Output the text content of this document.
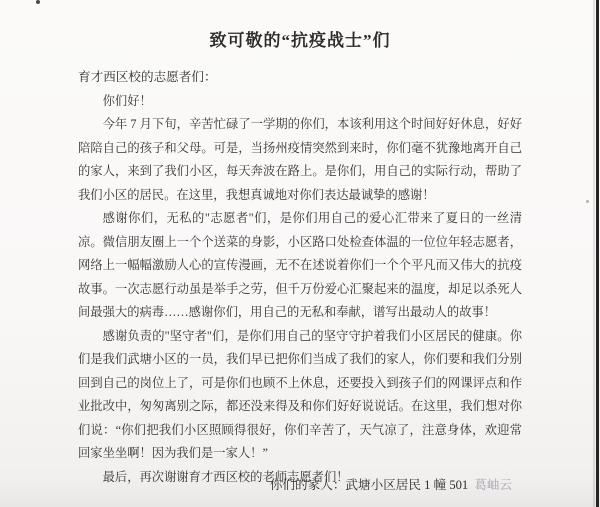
致可敬的“抗疫战士”们
育才西区校的志愿者们：

你们好！

今年 7 月下旬，辛苦忙碌了一学期的你们，本该利用这个时间好好休息，好好陪陪自己的孩子和父母。可是，当扬州疫情突然到来时，你们毫不犹豫地离开自己的家人，来到了我们小区，每天奔波在路上。是你们，用自己的实际行动，帮助了我们小区的居民。在这里，我想真诚地对你们表达最诚挚的感谢！

感谢你们，无私的"志愿者"们，是你们用自己的爱心汇带来了夏日的一丝清凉。微信朋友圈上一个个送菜的身影，小区路口处检查体温的一位位年轻志愿者，网络上一幅幅激励人心的宣传漫画，无不在述说着你们一个个平凡而又伟大的抗疫故事。一次志愿行动虽是举手之劳，但千万份爱心汇聚起来的温度，却足以杀死人间最强大的病毒……感谢你们，用自己的无私和奉献，谱写出最动人的故事！

感谢负责的"坚守者"们，是你们用自己的坚守守护着我们小区居民的健康。你们是我们武塘小区的一员，我们早已把你们当成了我们的家人，你们要和我们分别回到自己的岗位上了，可是你们也顾不上休息，还要投入到孩子们的网课评点和作业批改中，匆匆离别之际，都还没来得及和你们好好说说话。在这里，我们想对你们说：“你们把我们小区照顾得很好，你们辛苦了，天气凉了，注意身体，欢迎常回家坐坐啊！因为我们是一家人！”

最后，再次谢谢育才西区校的老师志愿者们！

你们的家人：武塘小区居民 1 幢 501 葛岫云
